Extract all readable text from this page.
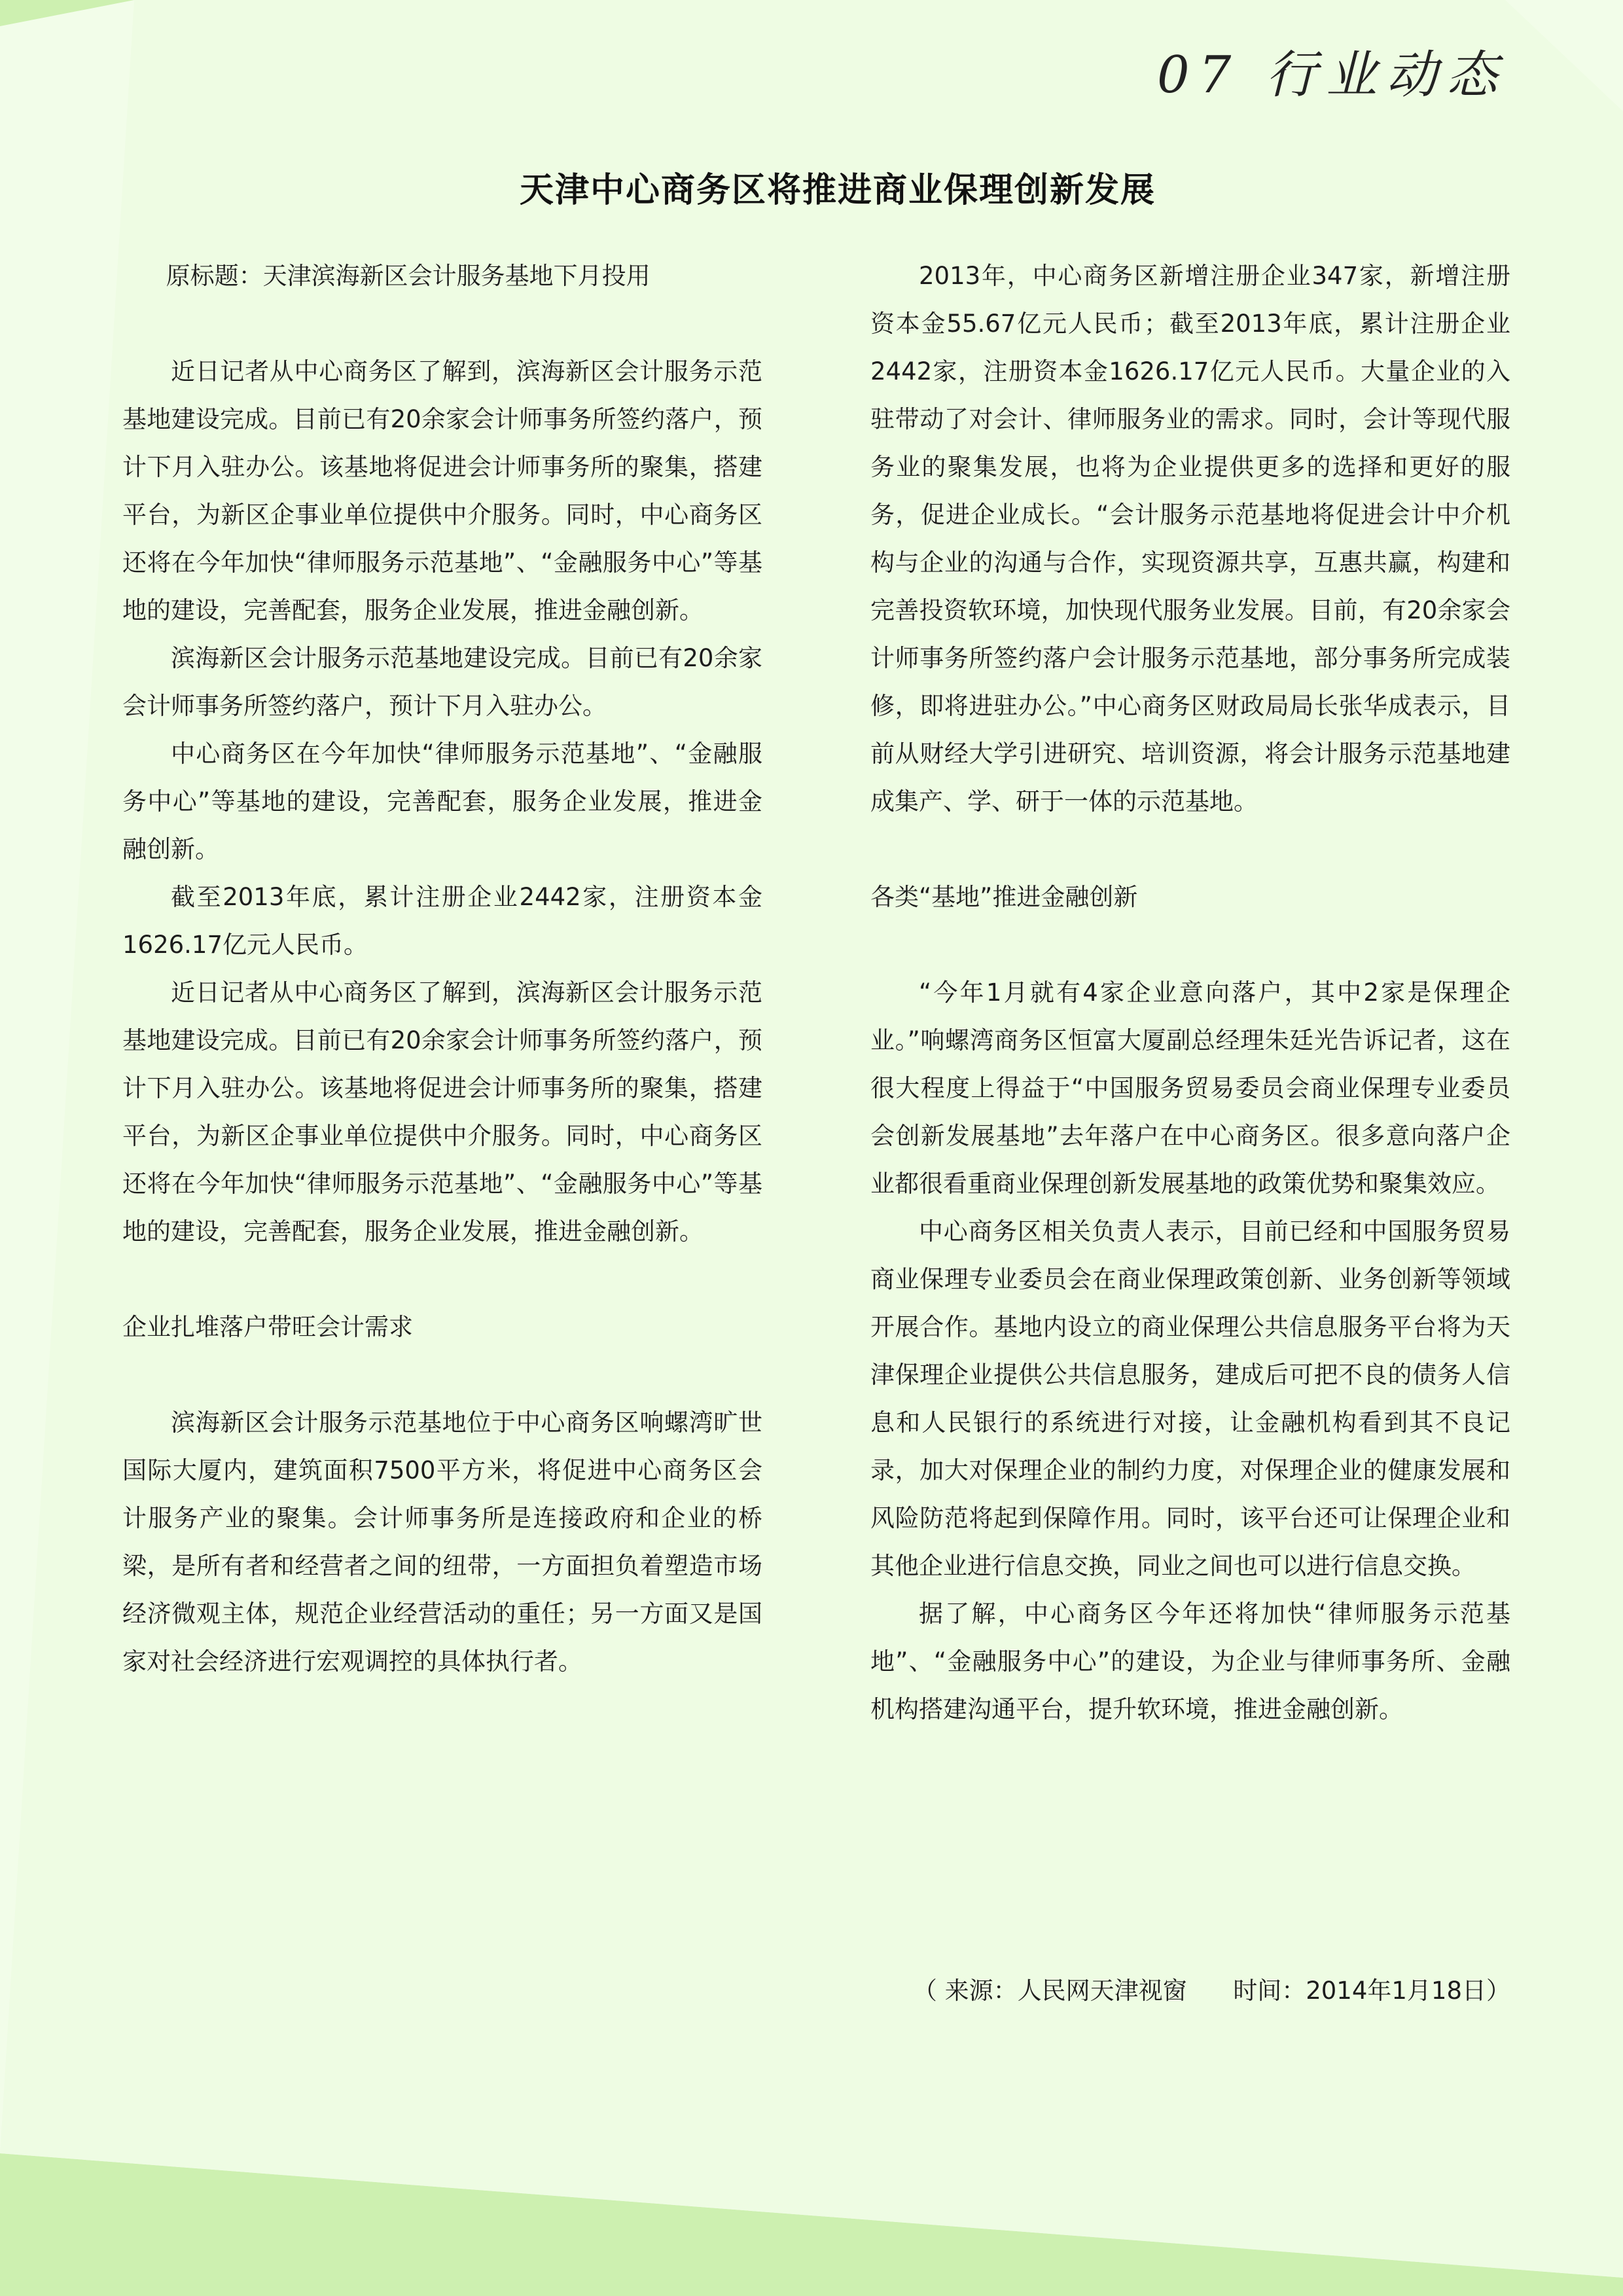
07 行业动态
天津中心商务区将推进商业保理创新发展

原标题：天津滨海新区会计服务基地下月投用

近日记者从中心商务区了解到，滨海新区会计服务示范基地建设完成。目前已有20余家会计师事务所签约落户，预计下月入驻办公。该基地将促进会计师事务所的聚集，搭建平台，为新区企事业单位提供中介服务。同时，中心商务区还将在今年加快“律师服务示范基地”、“金融服务中心”等基地的建设，完善配套，服务企业发展，推进金融创新。

滨海新区会计服务示范基地建设完成。目前已有20余家会计师事务所签约落户，预计下月入驻办公。

中心商务区在今年加快“律师服务示范基地”、“金融服务中心”等基地的建设，完善配套，服务企业发展，推进金融创新。

截至2013年底，累计注册企业2442家，注册资本金1626.17亿元人民币。

近日记者从中心商务区了解到，滨海新区会计服务示范基地建设完成。目前已有20余家会计师事务所签约落户，预计下月入驻办公。该基地将促进会计师事务所的聚集，搭建平台，为新区企事业单位提供中介服务。同时，中心商务区还将在今年加快“律师服务示范基地”、“金融服务中心”等基地的建设，完善配套，服务企业发展，推进金融创新。

企业扎堆落户带旺会计需求

滨海新区会计服务示范基地位于中心商务区响螺湾旷世国际大厦内，建筑面积7500平方米，将促进中心商务区会计服务产业的聚集。会计师事务所是连接政府和企业的桥梁，是所有者和经营者之间的纽带，一方面担负着塑造市场经济微观主体，规范企业经营活动的重任；另一方面又是国家对社会经济进行宏观调控的具体执行者。

2013年，中心商务区新增注册企业347家，新增注册资本金55.67亿元人民币；截至2013年底，累计注册企业2442家，注册资本金1626.17亿元人民币。大量企业的入驻带动了对会计、律师服务业的需求。同时，会计等现代服务业的聚集发展，也将为企业提供更多的选择和更好的服务，促进企业成长。“会计服务示范基地将促进会计中介机构与企业的沟通与合作，实现资源共享，互惠共赢，构建和完善投资软环境，加快现代服务业发展。目前，有20余家会计师事务所签约落户会计服务示范基地，部分事务所完成装修，即将进驻办公。”中心商务区财政局局长张华成表示，目前从财经大学引进研究、培训资源，将会计服务示范基地建成集产、学、研于一体的示范基地。

各类“基地”推进金融创新

“今年1月就有4家企业意向落户，其中2家是保理企业。”响螺湾商务区恒富大厦副总经理朱廷光告诉记者，这在很大程度上得益于“中国服务贸易委员会商业保理专业委员会创新发展基地”去年落户在中心商务区。很多意向落户企业都很看重商业保理创新发展基地的政策优势和聚集效应。

中心商务区相关负责人表示，目前已经和中国服务贸易商业保理专业委员会在商业保理政策创新、业务创新等领域开展合作。基地内设立的商业保理公共信息服务平台将为天津保理企业提供公共信息服务，建成后可把不良的债务人信息和人民银行的系统进行对接，让金融机构看到其不良记录，加大对保理企业的制约力度，对保理企业的健康发展和风险防范将起到保障作用。同时，该平台还可让保理企业和其他企业进行信息交换，同业之间也可以进行信息交换。

据了解，中心商务区今年还将加快“律师服务示范基地”、“金融服务中心”的建设，为企业与律师事务所、金融机构搭建沟通平台，提升软环境，推进金融创新。

（ 来源：人民网天津视窗      时间：2014年1月18日）
